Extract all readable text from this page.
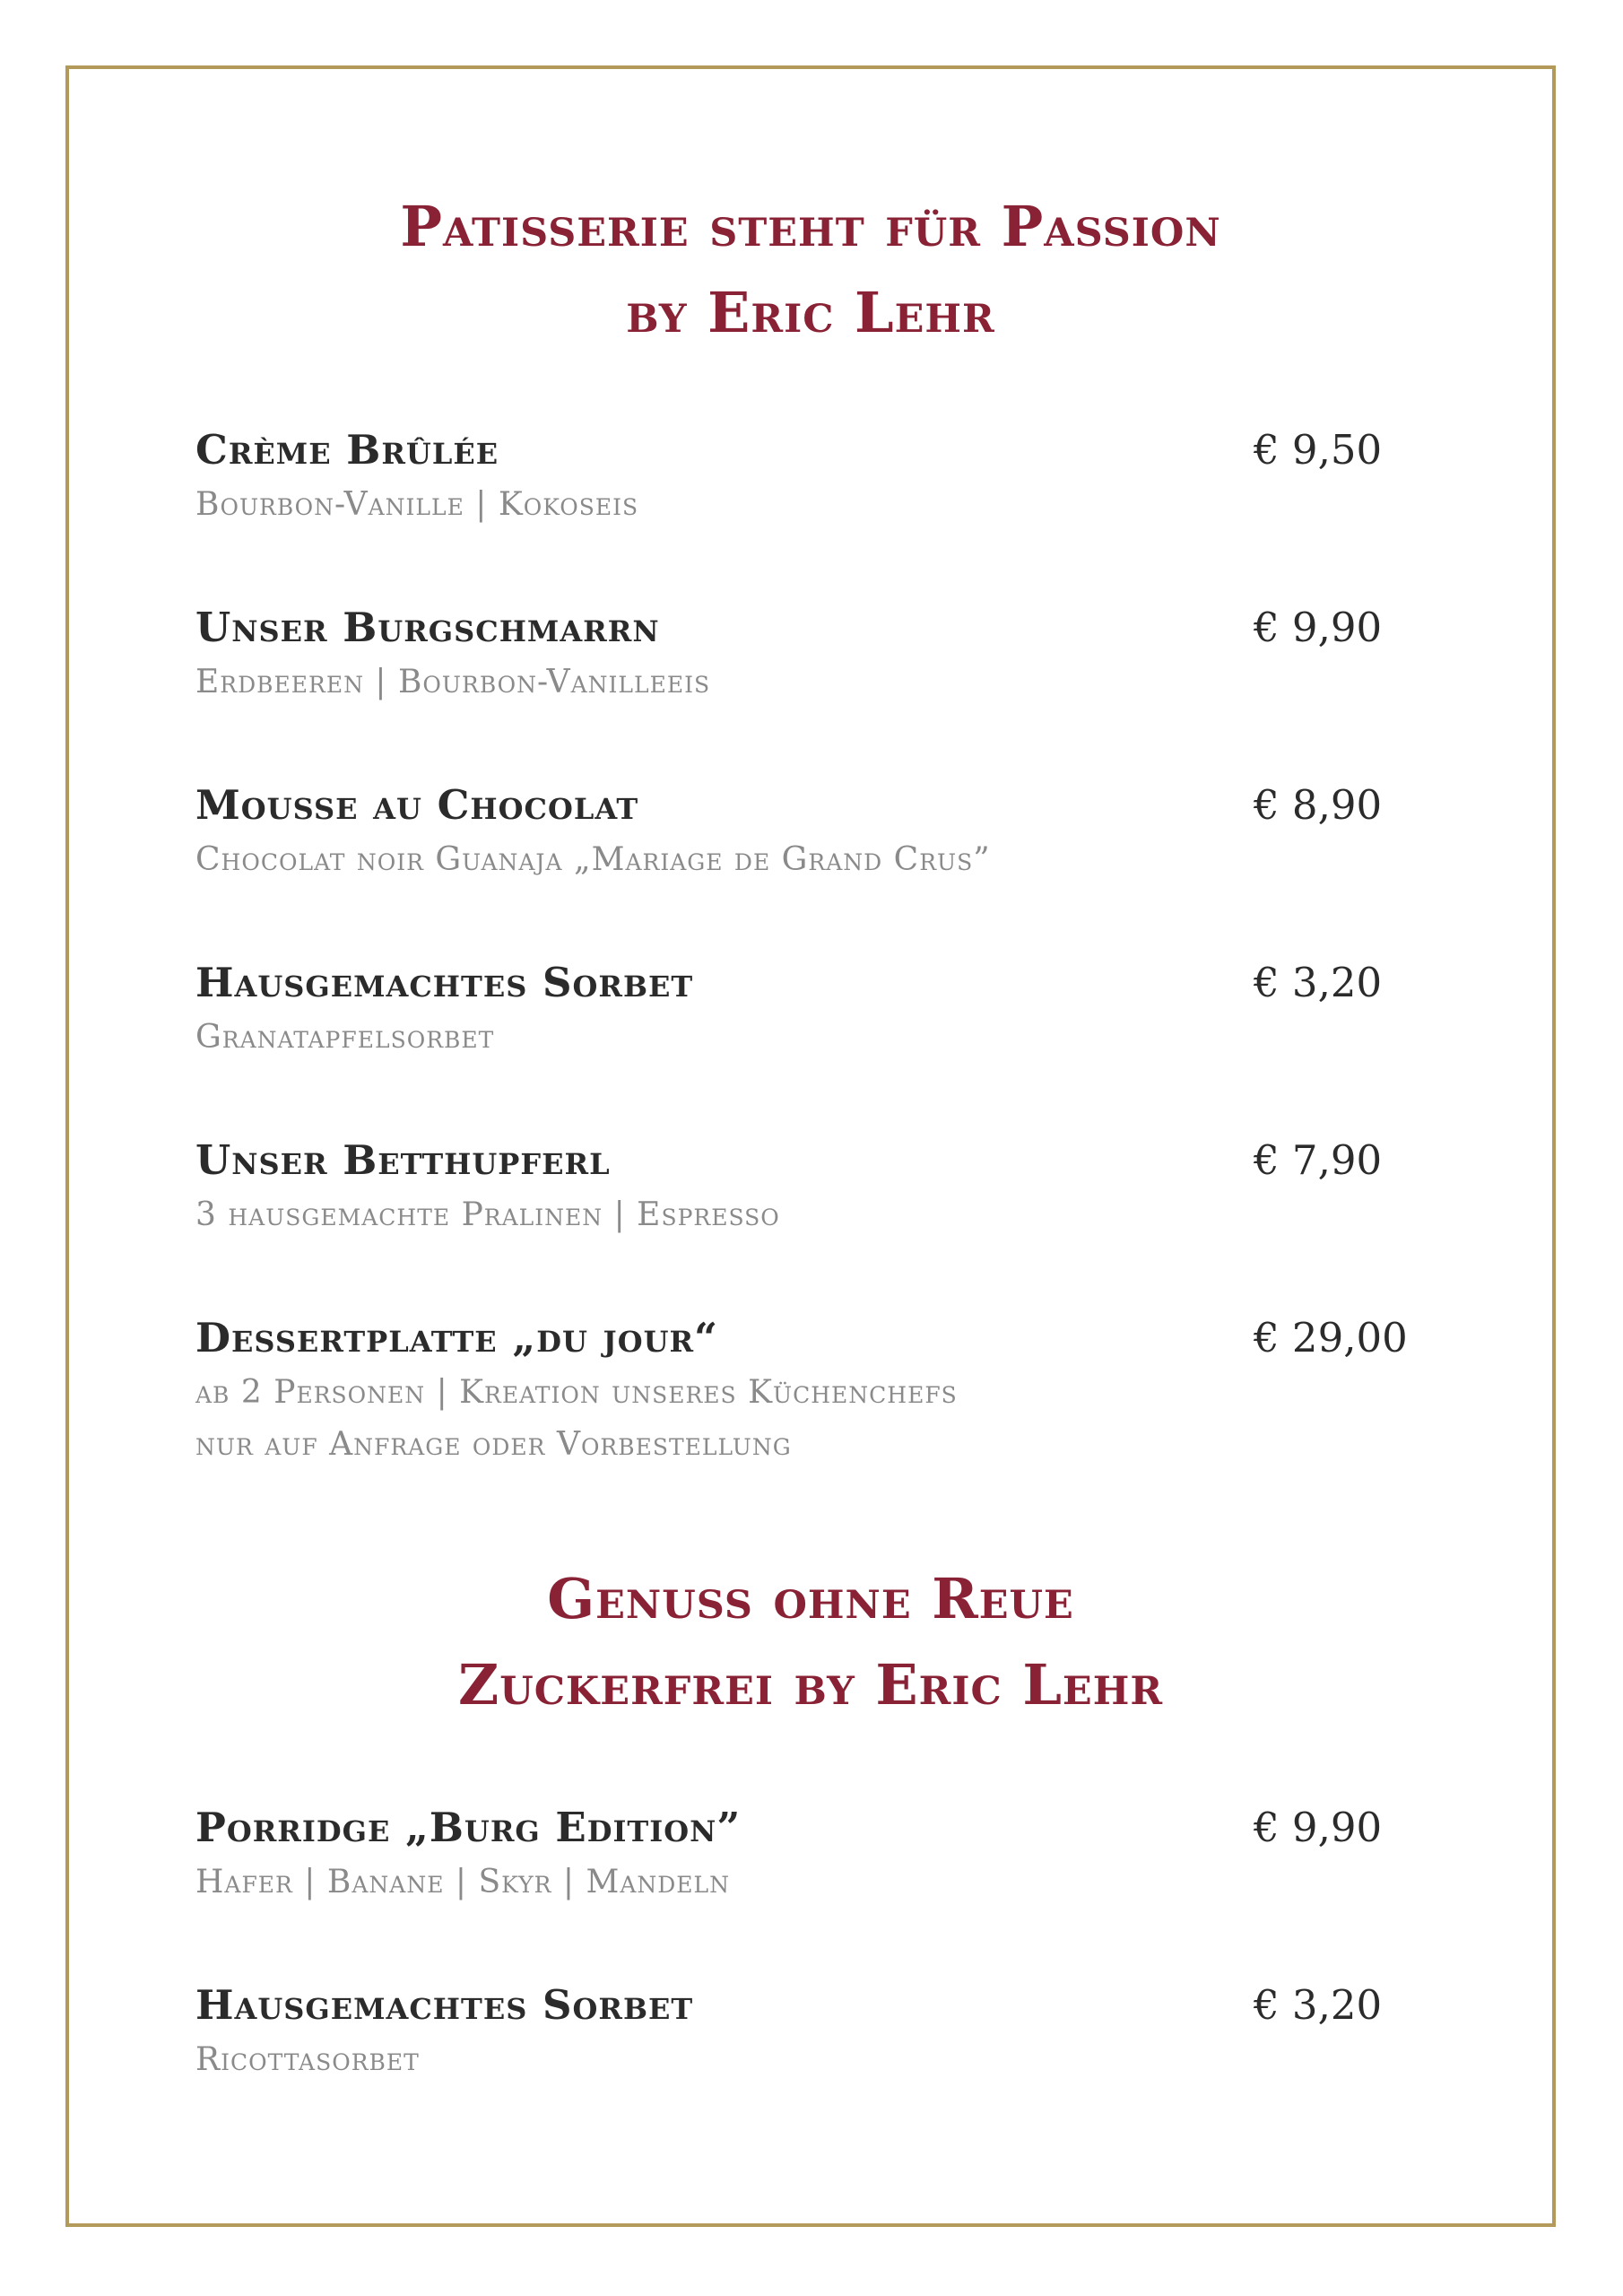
Patisserie steht für Passion
by Eric Lehr
Crème Brûlée
Bourbon-Vanille | Kokoseis
€ 9,50
Unser Burgschmarrn
Erdbeeren | Bourbon-Vanilleeis
€ 9,90
Mousse au Chocolat
Chocolat noir Guanaja „Mariage de Grand Crus”
€ 8,90
Hausgemachtes Sorbet
Granatapfelsorbet
€ 3,20
Unser Betthupferl
3 hausgemachte Pralinen | Espresso
€ 7,90
Dessertplatte „du jour“
ab 2 Personen | Kreation unseres Küchenchefs
nur auf Anfrage oder Vorbestellung
€ 29,00
Genuss ohne Reue
Zuckerfrei by Eric Lehr
Porridge „Burg Edition”
Hafer | Banane | Skyr | Mandeln
€ 9,90
Hausgemachtes Sorbet
Ricottasorbet
€ 3,20
